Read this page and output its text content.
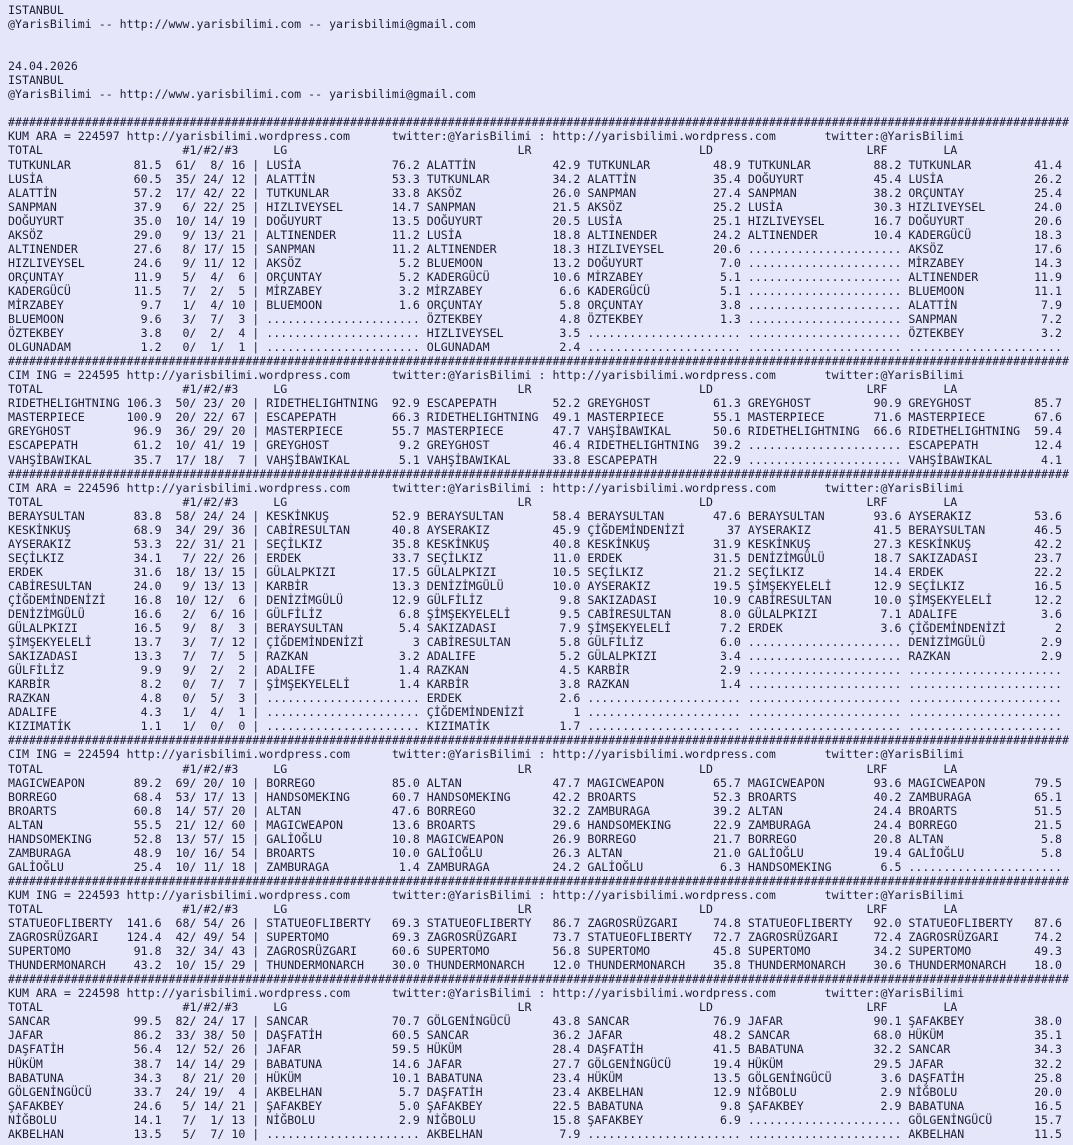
ISTANBUL
@YarisBilimi -- http://www.yarisbilimi.com -- yarisbilimi@gmail.com
24.04.2026
ISTANBUL
@YarisBilimi -- http://www.yarisbilimi.com -- yarisbilimi@gmail.com
########################################################################################################################################################
KUM ARA = 224597 http://yarisbilimi.wordpress.com      twitter:@YarisBilimi : http://yarisbilimi.wordpress.com       twitter:@YarisBilimi
TOTAL                    #1/#2/#3     LG                                 LR                        LD                      LRF        LA
TUTKUNLAR         81.5  61/  8/ 16 | LUSİA             76.2 ALATTİN           42.9 TUTKUNLAR         48.9 TUTKUNLAR         88.2 TUTKUNLAR         41.4
LUSİA             60.5  35/ 24/ 12 | ALATTİN           53.3 TUTKUNLAR         34.2 ALATTİN           35.4 DOĞUYURT          45.4 LUSİA             26.2
ALATTİN           57.2  17/ 42/ 22 | TUTKUNLAR         33.8 AKSÖZ             26.0 SANPMAN           27.4 SANPMAN           38.2 ORÇUNTAY          25.4
SANPMAN           37.9   6/ 22/ 25 | HIZLIVEYSEL       14.7 SANPMAN           21.5 AKSÖZ             25.2 LUSİA             30.3 HIZLIVEYSEL       24.0
DOĞUYURT          35.0  10/ 14/ 19 | DOĞUYURT          13.5 DOĞUYURT          20.5 LUSİA             25.1 HIZLIVEYSEL       16.7 DOĞUYURT          20.6
AKSÖZ             29.0   9/ 13/ 21 | ALTINENDER        11.2 LUSİA             18.8 ALTINENDER        24.2 ALTINENDER        10.4 KADERGÜCÜ         18.3
ALTINENDER        27.6   8/ 17/ 15 | SANPMAN           11.2 ALTINENDER        18.3 HIZLIVEYSEL       20.6 ...................... AKSÖZ             17.6
HIZLIVEYSEL       24.6   9/ 11/ 12 | AKSÖZ              5.2 BLUEMOON          13.2 DOĞUYURT           7.0 ...................... MİRZABEY          14.3
ORÇUNTAY          11.9   5/  4/  6 | ORÇUNTAY           5.2 KADERGÜCÜ         10.6 MİRZABEY           5.1 ...................... ALTINENDER        11.9
KADERGÜCÜ         11.5   7/  2/  5 | MİRZABEY           3.2 MİRZABEY           6.6 KADERGÜCÜ          5.1 ...................... BLUEMOON          11.1
MİRZABEY           9.7   1/  4/ 10 | BLUEMOON           1.6 ORÇUNTAY           5.8 ORÇUNTAY           3.8 ...................... ALATTİN            7.9
BLUEMOON           9.6   3/  7/  3 | ...................... ÖZTEKBEY           4.8 ÖZTEKBEY           1.3 ...................... SANPMAN            7.2
ÖZTEKBEY           3.8   0/  2/  4 | ...................... HIZLIVEYSEL        3.5 ...................... ...................... ÖZTEKBEY           3.2
OLGUNADAM          1.2   0/  1/  1 | ...................... OLGUNADAM          2.4 ...................... ...................... ......................
########################################################################################################################################################
CIM ING = 224595 http://yarisbilimi.wordpress.com      twitter:@YarisBilimi : http://yarisbilimi.wordpress.com       twitter:@YarisBilimi
TOTAL                    #1/#2/#3     LG                                 LR                        LD                      LRF        LA
RIDETHELIGHTNING 106.3  50/ 23/ 20 | RIDETHELIGHTNING  92.9 ESCAPEPATH        52.2 GREYGHOST         61.3 GREYGHOST         90.9 GREYGHOST         85.7
MASTERPIECE      100.9  20/ 22/ 67 | ESCAPEPATH        66.3 RIDETHELIGHTNING  49.1 MASTERPIECE       55.1 MASTERPIECE       71.6 MASTERPIECE       67.6
GREYGHOST         96.9  36/ 29/ 20 | MASTERPIECE       55.7 MASTERPIECE       47.7 VAHŞİBAWIKAL      50.6 RIDETHELIGHTNING  66.6 RIDETHELIGHTNING  59.4
ESCAPEPATH        61.2  10/ 41/ 19 | GREYGHOST          9.2 GREYGHOST         46.4 RIDETHELIGHTNING  39.2 ...................... ESCAPEPATH        12.4
VAHŞİBAWIKAL      35.7  17/ 18/  7 | VAHŞİBAWIKAL       5.1 VAHŞİBAWIKAL      33.8 ESCAPEPATH        22.9 ...................... VAHŞİBAWIKAL       4.1
########################################################################################################################################################
CIM ARA = 224596 http://yarisbilimi.wordpress.com      twitter:@YarisBilimi : http://yarisbilimi.wordpress.com       twitter:@YarisBilimi
TOTAL                    #1/#2/#3     LG                                 LR                        LD                      LRF        LA
BERAYSULTAN       83.8  58/ 24/ 24 | KESKİNKUŞ         52.9 BERAYSULTAN       58.4 BERAYSULTAN       47.6 BERAYSULTAN       93.6 AYSERAKIZ         53.6
KESKİNKUŞ         68.9  34/ 29/ 36 | CABİRESULTAN      40.8 AYSERAKIZ         45.9 ÇİĞDEMİNDENİZİ      37 AYSERAKIZ         41.5 BERAYSULTAN       46.5
AYSERAKIZ         53.3  22/ 31/ 21 | SEÇİLKIZ          35.8 KESKİNKUŞ         40.8 KESKİNKUŞ         31.9 KESKİNKUŞ         27.3 KESKİNKUŞ         42.2
SEÇİLKIZ          34.1   7/ 22/ 26 | ERDEK             33.7 SEÇİLKIZ          11.0 ERDEK             31.5 DENİZİMGÜLÜ       18.7 SAKIZADASI        23.7
ERDEK             31.6  18/ 13/ 15 | GÜLALPKIZI        17.5 GÜLALPKIZI        10.5 SEÇİLKIZ          21.2 SEÇİLKIZ          14.4 ERDEK             22.2
CABİRESULTAN      24.0   9/ 13/ 13 | KARBİR            13.3 DENİZİMGÜLÜ       10.0 AYSERAKIZ         19.5 ŞİMŞEKYELELİ      12.9 SEÇİLKIZ          16.5
ÇİĞDEMİNDENİZİ    16.8  10/ 12/  6 | DENİZİMGÜLÜ       12.9 GÜLFİLİZ           9.8 SAKIZADASI        10.9 CABİRESULTAN      10.0 ŞİMŞEKYELELİ      12.2
DENİZİMGÜLÜ       16.6   2/  6/ 16 | GÜLFİLİZ           6.8 ŞİMŞEKYELELİ       9.5 CABİRESULTAN       8.0 GÜLALPKIZI         7.1 ADALIFE            3.6
GÜLALPKIZI        16.5   9/  8/  3 | BERAYSULTAN        5.4 SAKIZADASI         7.9 ŞİMŞEKYELELİ       7.2 ERDEK              3.6 ÇİĞDEMİNDENİZİ       2
ŞİMŞEKYELELİ      13.7   3/  7/ 12 | ÇİĞDEMİNDENİZİ       3 CABİRESULTAN       5.8 GÜLFİLİZ           6.0 ...................... DENİZİMGÜLÜ        2.9
SAKIZADASI        13.3   7/  7/  5 | RAZKAN             3.2 ADALIFE            5.2 GÜLALPKIZI         3.4 ...................... RAZKAN             2.9
GÜLFİLİZ           9.9   9/  2/  2 | ADALIFE            1.4 RAZKAN             4.5 KARBİR             2.9 ...................... ......................
KARBİR             8.2   0/  7/  7 | ŞİMŞEKYELELİ       1.4 KARBİR             3.8 RAZKAN             1.4 ...................... ......................
RAZKAN             4.8   0/  5/  3 | ...................... ERDEK              2.6 ...................... ...................... ......................
ADALIFE            4.3   1/  4/  1 | ...................... ÇİĞDEMİNDENİZİ       1 ...................... ...................... ......................
KIZIMATİK          1.1   1/  0/  0 | ...................... KIZIMATİK          1.7 ...................... ...................... ......................
########################################################################################################################################################
CIM ING = 224594 http://yarisbilimi.wordpress.com      twitter:@YarisBilimi : http://yarisbilimi.wordpress.com       twitter:@YarisBilimi
TOTAL                    #1/#2/#3     LG                                 LR                        LD                      LRF        LA
MAGICWEAPON       89.2  69/ 20/ 10 | BORREGO           85.0 ALTAN             47.7 MAGICWEAPON       65.7 MAGICWEAPON       93.6 MAGICWEAPON       79.5
BORREGO           68.4  53/ 17/ 13 | HANDSOMEKING      60.7 HANDSOMEKING      42.2 BROARTS           52.3 BROARTS           40.2 ZAMBURAGA         65.1
BROARTS           60.8  14/ 57/ 20 | ALTAN             47.6 BORREGO           32.2 ZAMBURAGA         39.2 ALTAN             24.4 BROARTS           51.5
ALTAN             55.5  21/ 12/ 60 | MAGICWEAPON       13.6 BROARTS           29.6 HANDSOMEKING      22.9 ZAMBURAGA         24.4 BORREGO           21.5
HANDSOMEKING      52.8  13/ 57/ 15 | GALİOĞLU          10.8 MAGICWEAPON       26.9 BORREGO           21.7 BORREGO           20.8 ALTAN              5.8
ZAMBURAGA         48.9  10/ 16/ 54 | BROARTS           10.0 GALİOĞLU          26.3 ALTAN             21.0 GALİOĞLU          19.4 GALİOĞLU           5.8
GALİOĞLU          25.4  10/ 11/ 18 | ZAMBURAGA          1.4 ZAMBURAGA         24.2 GALİOĞLU           6.3 HANDSOMEKING       6.5 ......................
########################################################################################################################################################
KUM ING = 224593 http://yarisbilimi.wordpress.com      twitter:@YarisBilimi : http://yarisbilimi.wordpress.com       twitter:@YarisBilimi
TOTAL                    #1/#2/#3     LG                                 LR                        LD                      LRF        LA
STATUEOFLIBERTY  141.6  68/ 54/ 26 | STATUEOFLIBERTY   69.3 STATUEOFLIBERTY   86.7 ZAGROSRÜZGARI     74.8 STATUEOFLIBERTY   92.0 STATUEOFLIBERTY   87.6
ZAGROSRÜZGARI    124.4  42/ 49/ 54 | SUPERTOMO         69.3 ZAGROSRÜZGARI     73.7 STATUEOFLIBERTY   72.7 ZAGROSRÜZGARI     72.4 ZAGROSRÜZGARI     74.2
SUPERTOMO         91.8  32/ 34/ 43 | ZAGROSRÜZGARI     60.6 SUPERTOMO         56.8 SUPERTOMO         45.8 SUPERTOMO         34.2 SUPERTOMO         49.3
THUNDERMONARCH    43.2  10/ 15/ 29 | THUNDERMONARCH    30.0 THUNDERMONARCH    12.0 THUNDERMONARCH    35.8 THUNDERMONARCH    30.6 THUNDERMONARCH    18.0
########################################################################################################################################################
KUM ARA = 224598 http://yarisbilimi.wordpress.com      twitter:@YarisBilimi : http://yarisbilimi.wordpress.com       twitter:@YarisBilimi
TOTAL                    #1/#2/#3     LG                                 LR                        LD                      LRF        LA
SANCAR            99.5  82/ 24/ 17 | SANCAR            70.7 GÖLGENİNGÜCÜ      43.8 SANCAR            76.9 JAFAR             90.1 ŞAFAKBEY          38.0
JAFAR             86.2  33/ 38/ 50 | DAŞFATİH          60.5 SANCAR            36.2 JAFAR             48.2 SANCAR            68.0 HÜKÜM             35.1
DAŞFATİH          56.4  12/ 52/ 26 | JAFAR             59.5 HÜKÜM             28.4 DAŞFATİH          41.5 BABATUNA          32.2 SANCAR            34.3
HÜKÜM             38.7  14/ 14/ 29 | BABATUNA          14.6 JAFAR             27.7 GÖLGENİNGÜCÜ      19.4 HÜKÜM             29.5 JAFAR             32.2
BABATUNA          34.3   8/ 21/ 20 | HÜKÜM             10.1 BABATUNA          23.4 HÜKÜM             13.5 GÖLGENİNGÜCÜ       3.6 DAŞFATİH          25.8
GÖLGENİNGÜCÜ      33.7  24/ 19/  4 | AKBELHAN           5.7 DAŞFATİH          23.4 AKBELHAN          12.9 NİĞBOLU            2.9 NİĞBOLU           20.0
ŞAFAKBEY          24.6   5/ 14/ 21 | ŞAFAKBEY           5.0 ŞAFAKBEY          22.5 BABATUNA           9.8 ŞAFAKBEY           2.9 BABATUNA          16.5
NİĞBOLU           14.1   7/  1/ 13 | NİĞBOLU            2.9 NİĞBOLU           15.8 ŞAFAKBEY           6.9 ...................... GÖLGENİNGÜCÜ      15.7
AKBELHAN          13.5   5/  7/ 10 | ...................... AKBELHAN           7.9 ...................... ...................... AKBELHAN          11.5
